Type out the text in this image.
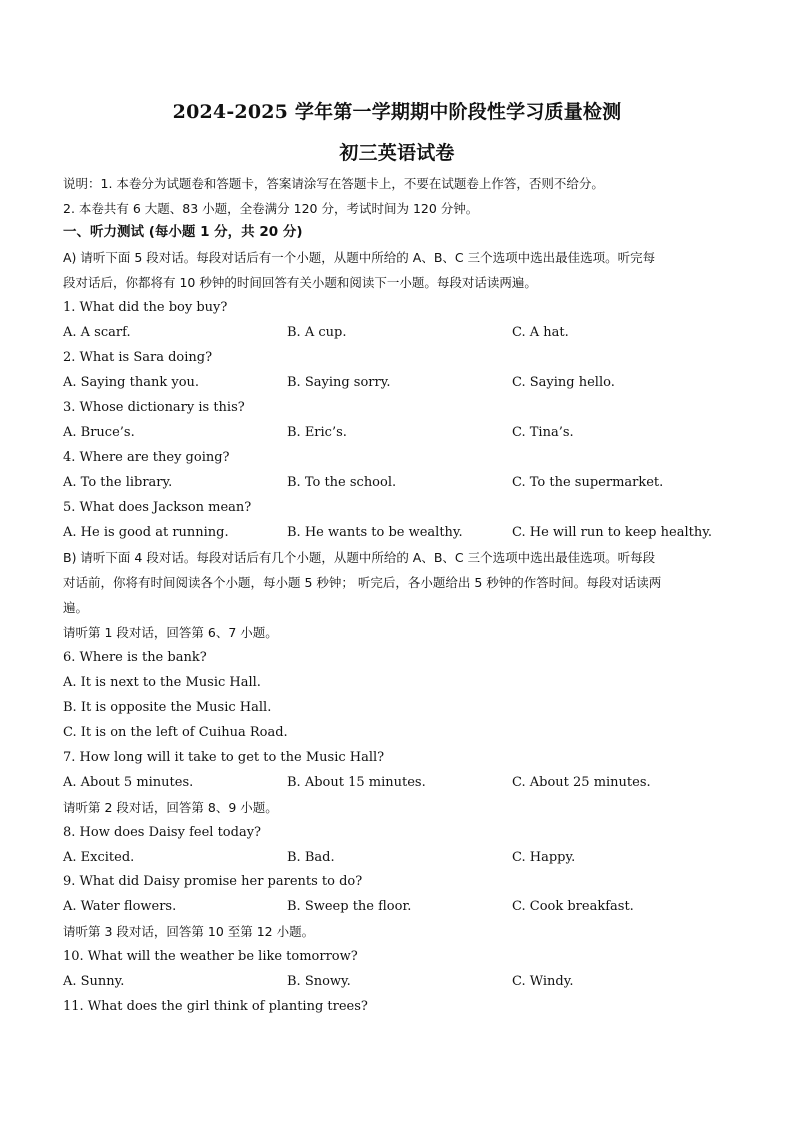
2024-2025 学年第一学期期中阶段性学习质量检测
初三英语试卷
说明：1. 本卷分为试题卷和答题卡，答案请涂写在答题卡上，不要在试题卷上作答，否则不给分。
2. 本卷共有 6 大题、83 小题，全卷满分 120 分，考试时间为 120 分钟。
一、听力测试 (每小题 1 分，共 20 分)
A) 请听下面 5 段对话。每段对话后有一个小题，从题中所给的 A、B、C 三个选项中选出最佳选项。听完每
段对话后，你都将有 10 秒钟的时间回答有关小题和阅读下一小题。每段对话读两遍。
1. What did the boy buy?
A. A scarf.	B. A cup.	C. A hat.
2. What is Sara doing?
A. Saying thank you.	B. Saying sorry.	C. Saying hello.
3. Whose dictionary is this?
A. Bruce’s.	B. Eric’s.	C. Tina’s.
4. Where are they going?
A. To the library.	B. To the school.	C. To the supermarket.
5. What does Jackson mean?
A. He is good at running.	B. He wants to be wealthy.	C. He will run to keep healthy.
B) 请听下面 4 段对话。每段对话后有几个小题，从题中所给的 A、B、C 三个选项中选出最佳选项。听每段
对话前，你将有时间阅读各个小题，每小题 5 秒钟； 听完后，各小题给出 5 秒钟的作答时间。每段对话读两
遍。
请听第 1 段对话，回答第 6、7 小题。
6. Where is the bank?
A. It is next to the Music Hall.
B. It is opposite the Music Hall.
C. It is on the left of Cuihua Road.
7. How long will it take to get to the Music Hall?
A. About 5 minutes.	B. About 15 minutes.	C. About 25 minutes.
请听第 2 段对话，回答第 8、9 小题。
8. How does Daisy feel today?
A. Excited.	B. Bad.	C. Happy.
9. What did Daisy promise her parents to do?
A. Water flowers.	B. Sweep the floor.	C. Cook breakfast.
请听第 3 段对话，回答第 10 至第 12 小题。
10. What will the weather be like tomorrow?
A. Sunny.	B. Snowy.	C. Windy.
11. What does the girl think of planting trees?
